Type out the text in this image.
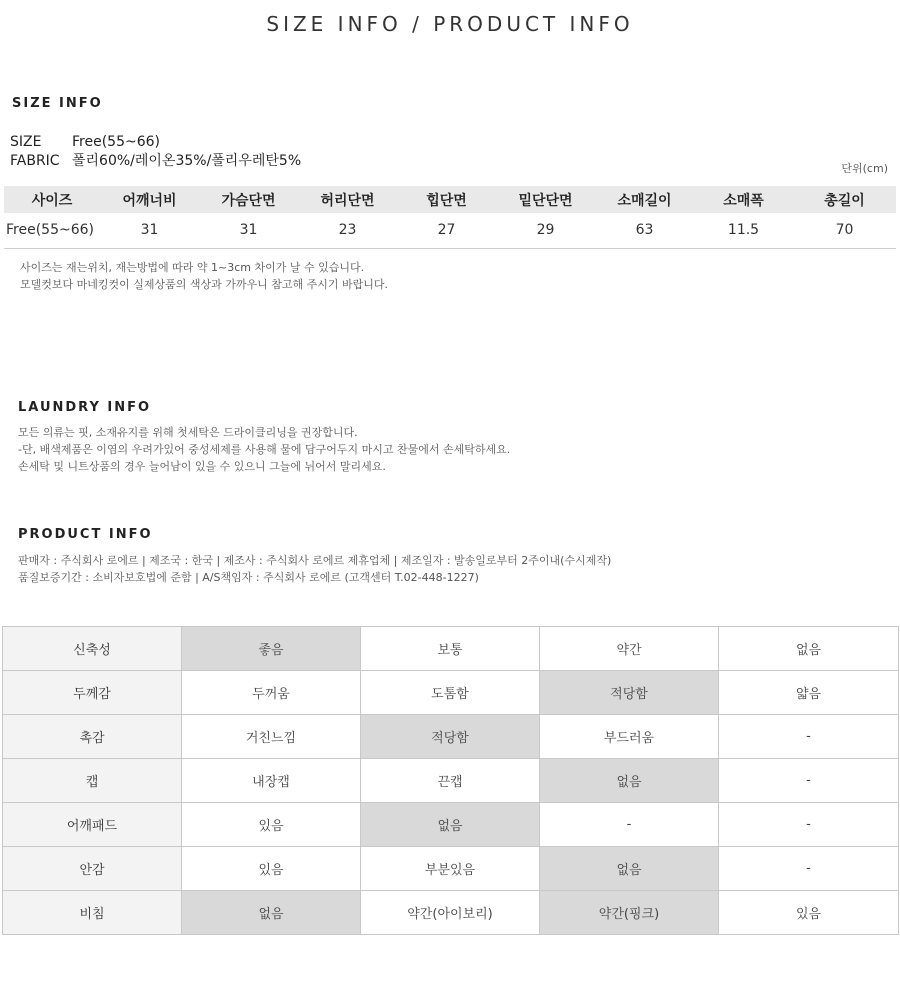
SIZE INFO / PRODUCT INFO
SIZE INFO
SIZE Free(55~66)
FABRIC 폴리60%/레이온35%/폴리우레탄5%	단위(cm)
사이즈	어깨너비	가슴단면	허리단면	힙단면	밑단단면	소매길이	소매폭	총길이
Free(55~66)	31	31	23	27	29	63	11.5	70
사이즈는 재는위치, 재는방법에 따라 약 1~3cm 차이가 날 수 있습니다.
모델컷보다 마네킹컷이 실제상품의 색상과 가까우니 참고해 주시기 바랍니다.
LAUNDRY INFO
모든 의류는 핏, 소재유지를 위해 첫세탁은 드라이클리닝을 권장합니다.
-단, 배색제품은 이염의 우려가있어 중성세제를 사용해 물에 담구어두지 마시고 찬물에서 손세탁하세요.
손세탁 및 니트상품의 경우 늘어남이 있을 수 있으니 그늘에 뉘어서 말리세요.
PRODUCT INFO
판매자 : 주식회사 로에르 | 제조국 : 한국 | 제조사 : 주식회사 로에르 제휴업체 | 제조일자 : 발송일로부터 2주이내(수시제작)
품질보증기간 : 소비자보호법에 준함 | A/S책임자 : 주식회사 로에르 (고객센터 T.02-448-1227)
신축성	좋음	보통	약간	없음
두께감	두꺼움	도톰함	적당함	얇음
촉감	거친느낌	적당함	부드러움	-
캡	내장캡	끈캡	없음	-
어깨패드	있음	없음	-	-
안감	있음	부분있음	없음	-
비침	없음	약간(아이보리)	약간(핑크)	있음
